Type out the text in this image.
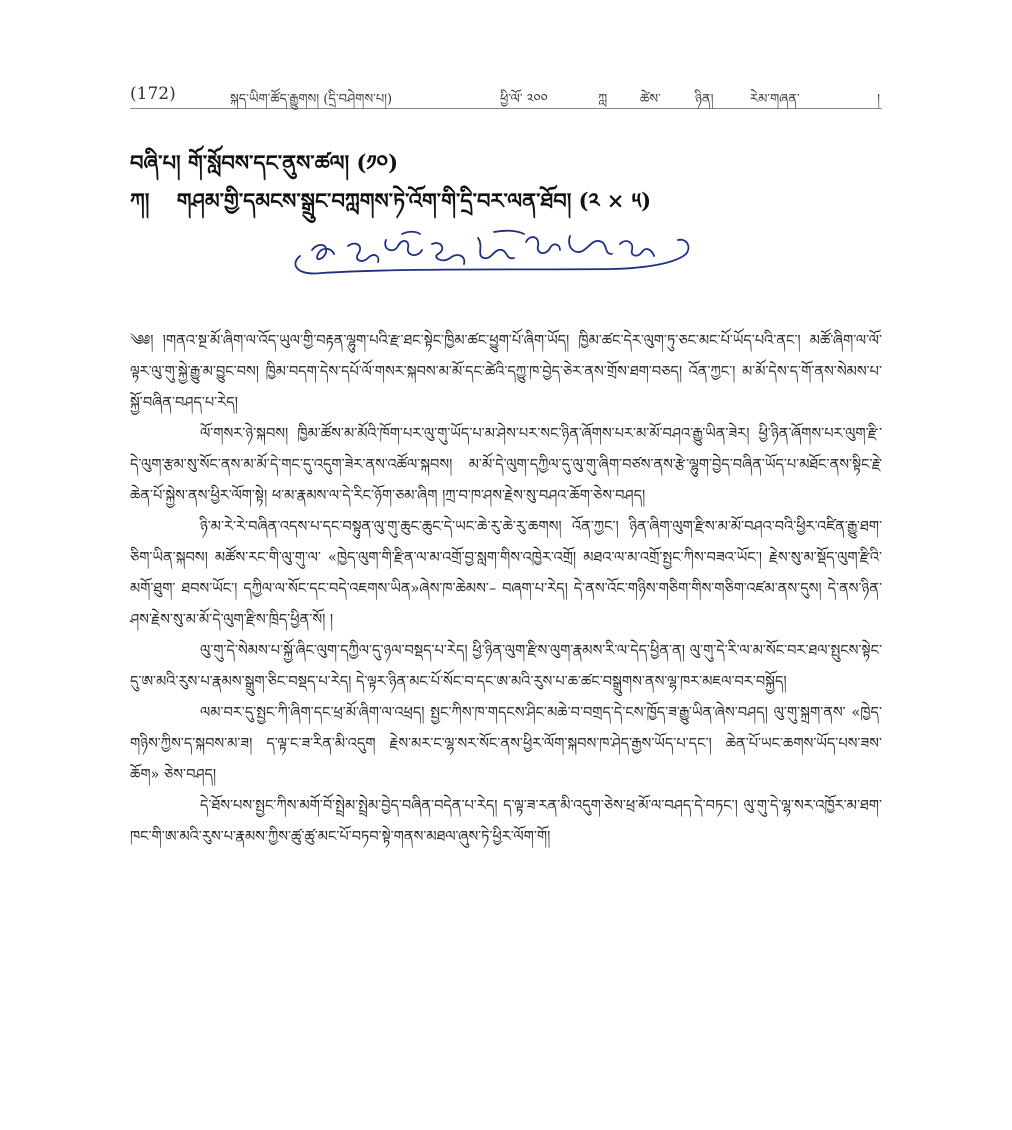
(172)	སྐད་ཡིག་ཚོད་རྒྱུགས། (དྲི་བཤེགས་པ།)	ཕྱི་ལོ་ ༢༠༠	ཀླ	ཚེས་	ཉིན།	རེམ་གཞན་	།
བཞི་པ། གོ་སློབས་དང་ནུས་ཚལ། (༡༠)
ཀ། གཤམ་གྱི་དམངས་སྒྲུང་བཀླགས་ཏེ་འོག་གི་དྲི་བར་ལན་ཐོབ། (༢ × ༥)

༄༅། །གནའ་སྔ་མོ་ཞིག་ལ་འོད་ཡུལ་གྱི་བརྟན་ལྷུག་པའི་རྫ་ཐང་སྟེང་ཁྱིམ་ཚང་ཕྱུག་པོ་ཞིག་ཡོད། ཁྱིམ་ཚང་དེར་ལུག་ཏུ་ཅང་མང་པོ་ཡོད་པའི་ནང་། མཚོ་ཞིག་ལ་ལོ་ལྟར་ལུ་གུ་སྐྱེ་རྒྱུ་མ་བྱུང་བས། ཁྱིམ་བདག་དེས་དཔོ་ལོ་གསར་སྐབས་མ་མོ་དང་ཚེའི་དཀྱུ་ཁ་བྱེད་ཅེར་ནས་གྲོས་ཐག་བཅད། འོན་ཀྱང་། མ་མོ་དེས་ད་གོ་ནས་སེམས་པ་སྐྱོ་བཞིན་བཤད་པ་རེད།

ལོ་གསར་ཉེ་སྐབས། ཁྱིམ་ཚོས་མ་མོའི་ཁོག་པར་ལུ་གུ་ཡོད་པ་མ་ཤེས་པར་སང་ཉིན་ཞོགས་པར་མ་མོ་བཤའ་རྒྱུ་ཡིན་ཟེར། ཕྱི་ཉིན་ཞོགས་པར་ལུག་རྫི་དེ་ལུག་རྩམ་སུ་སོང་ནས་མ་མོ་དེ་གང་དུ་འདུག་ཟེར་ནས་འཚོལ་སྐབས། མ་མོ་དེ་ལུག་དཀྱིལ་དུ་ལུ་གུ་ཞིག་བཙས་ནས་རྩེ་ལྷུག་བྱེད་བཞིན་ཡོད་པ་མཐོང་ནས་སྟིང་རྗེ་ཆེན་པོ་སྐྱེས་ནས་ཕྱིར་ལོག་སྟེ། ཕ་མ་རྣམས་ལ་དེ་རིང་ཉོག་ཅམ་ཞིག །ཀྲ་བ་ཁ་ཤས་རྗེས་སུ་བཤའ་ཆོག་ཅེས་བཤད།

ཉི་མ་རེ་རེ་བཞིན་འདས་པ་དང་བསྟུན་ལུ་གུ་ཆུང་ཆུང་དེ་ཡང་ཆེ་རུ་ཆེ་རུ་ཆགས། འོན་ཀྱང་། ཉིན་ཞིག་ལུག་རྫིས་མ་མོ་བཤའ་བའི་ཕྱིར་འཛིན་རྒྱུ་ཐག་ཅིག་ཡིན་སྐབས། མཚོས་རང་གི་ལུ་གུ་ལ་ «ཁྱེད་ལུག་གི་རྫིན་ལ་མ་འགྲོ་བྱ་སླག་གིས་འཁྱེར་འགྲོ། མཐའ་ལ་མ་འགྲོ་སྤྱང་ཀིས་བཟའ་ཡོང་། རྗེས་སུ་མ་སྡོད་ལུག་རྫིའི་མགོ་ཐུག་ ཐབས་ཡོང་། དཀྱིལ་ལ་སོང་དང་བདེ་འཇགས་ཡིན»ཞེས་ཁ་ཆེམས་– བཞག་པ་རེད། དེ་ནས་འོང་གཉིས་གཅིག་གིས་གཅིག་འཛམ་ནས་དུས། དེ་ནས་ཉིན་ཤས་རྗེས་སུ་མ་མོ་དེ་ལུག་རྫིས་ཁྲིད་ཕྱིན་སོ། །

ལུ་གུ་དེ་སེམས་པ་སྐྱོ་ཞིང་ལུག་དཀྱིལ་དུ་ཉལ་བསྡད་པ་རེད། ཕྱི་ཉིན་ལུག་རྫིས་ལུག་རྣམས་རི་ལ་དེད་ཕྱིན་ན། ལུ་གུ་དེ་རི་ལ་མ་སོང་བར་ཐལ་སྤུངས་སྟེང་དུ་ཨ་མའི་རུས་པ་རྣམས་སྒྲུག་ཅིང་བསྡད་པ་རེད། དེ་ལྟར་ཉིན་མང་པོ་སོང་བ་དང་ཨ་མའི་རུས་པ་ཆ་ཚང་བསྒྲུགས་ནས་ལྷ་ཁར་མཇལ་བར་བསྐྱོད།

ལམ་བར་དུ་སྤྱང་ཀི་ཞིག་དང་ཕྲ་མོ་ཞིག་ལ་འཕྲད། སྤྱང་ཀིས་ཁ་གདངས་ཤིང་མཆེ་བ་བགྲད་དེ་ངས་ཁྱོད་ཟ་རྒྱུ་ཡིན་ཞེས་བཤད། ལུ་གུ་སྐྲག་ནས་ «ཁྱེད་གཉིས་ཀྱིས་ད་སྐབས་མ་ཟ། ད་ལྟ་ང་ཟ་རིན་མི་འདུག རྗེས་མར་ང་ལྷ་སར་སོང་ནས་ཕྱིར་ལོག་སྐབས་ཁ་ཤེད་རྒྱས་ཡོད་པ་དང་། ཆེན་པོ་ཡང་ཆགས་ཡོད་པས་ཟས་ཆོག» ཅེས་བཤད།

དེ་ཐོས་པས་སྤྱང་ཀིས་མགོ་བོ་སྤྲེམ་སྤྲེམ་བྱེད་བཞིན་བདེན་པ་རེད། ད་ལྟ་ཟ་རན་མི་འདུག་ཅེས་ཕྲ་མོ་ལ་བཤད་དེ་བཏང་། ལུ་གུ་དེ་ལྷ་སར་འཁྱོར་མ་ཐག་ཁང་གི་ཨ་མའི་རུས་པ་རྣམས་ཀྱིས་ཚུ་ཚུ་མང་པོ་བཏབ་སྟེ་གནས་མཐལ་ཞུས་ཏེ་ཕྱིར་ལོག་གོ།
